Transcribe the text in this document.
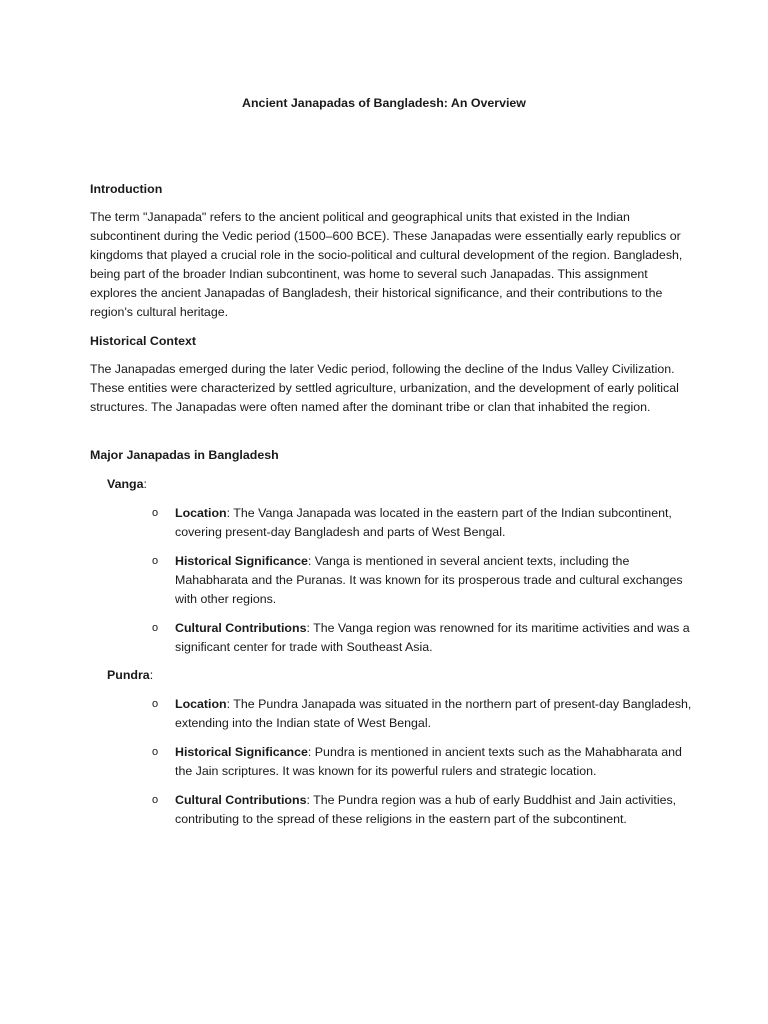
Ancient Janapadas of Bangladesh: An Overview
Introduction

The term "Janapada" refers to the ancient political and geographical units that existed in the Indian subcontinent during the Vedic period (1500–600 BCE). These Janapadas were essentially early republics or kingdoms that played a crucial role in the socio-political and cultural development of the region. Bangladesh, being part of the broader Indian subcontinent, was home to several such Janapadas. This assignment explores the ancient Janapadas of Bangladesh, their historical significance, and their contributions to the region's cultural heritage.

Historical Context

The Janapadas emerged during the later Vedic period, following the decline of the Indus Valley Civilization. These entities were characterized by settled agriculture, urbanization, and the development of early political structures. The Janapadas were often named after the dominant tribe or clan that inhabited the region.

Major Janapadas in Bangladesh
Vanga:
o Location: The Vanga Janapada was located in the eastern part of the Indian subcontinent, covering present-day Bangladesh and parts of West Bengal.
o Historical Significance: Vanga is mentioned in several ancient texts, including the Mahabharata and the Puranas. It was known for its prosperous trade and cultural exchanges with other regions.
o Cultural Contributions: The Vanga region was renowned for its maritime activities and was a significant center for trade with Southeast Asia.
Pundra:
o Location: The Pundra Janapada was situated in the northern part of present-day Bangladesh, extending into the Indian state of West Bengal.
o Historical Significance: Pundra is mentioned in ancient texts such as the Mahabharata and the Jain scriptures. It was known for its powerful rulers and strategic location.
o Cultural Contributions: The Pundra region was a hub of early Buddhist and Jain activities, contributing to the spread of these religions in the eastern part of the subcontinent.
